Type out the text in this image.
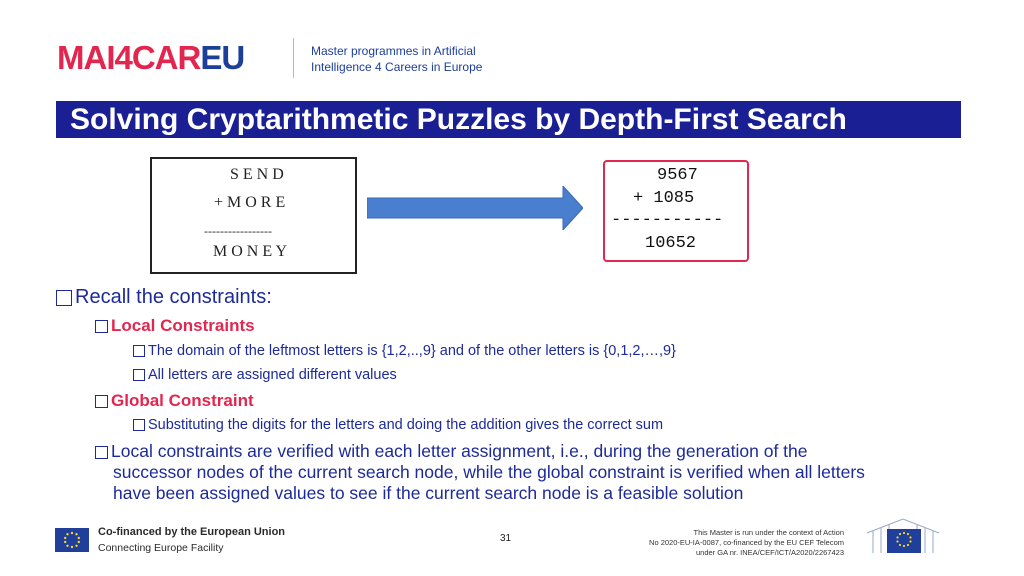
MAI4CAREU	Master programmes in Artificial
Intelligence 4 Careers in Europe
Solving Cryptarithmetic Puzzles by Depth-First Search
S E N D
+ M O R E
-----------------
M O N E Y
9567
+ 1085
-----------
10652
Recall the constraints:
Local Constraints
The domain of the leftmost letters is {1,2,..,9} and of the other letters is {0,1,2,…,9}
All letters are assigned different values
Global Constraint
Substituting the digits for the letters and doing the addition gives the correct sum
Local constraints are verified with each letter assignment, i.e., during the generation of the
successor nodes of the current search node, while the global constraint is verified when all letters
have been assigned values to see if the current search node is a feasible solution
Co-financed by the European Union
Connecting Europe Facility
31
This Master is run under the context of Action
No 2020-EU-IA-0087, co-financed by the EU CEF Telecom
under GA nr. INEA/CEF/ICT/A2020/2267423
